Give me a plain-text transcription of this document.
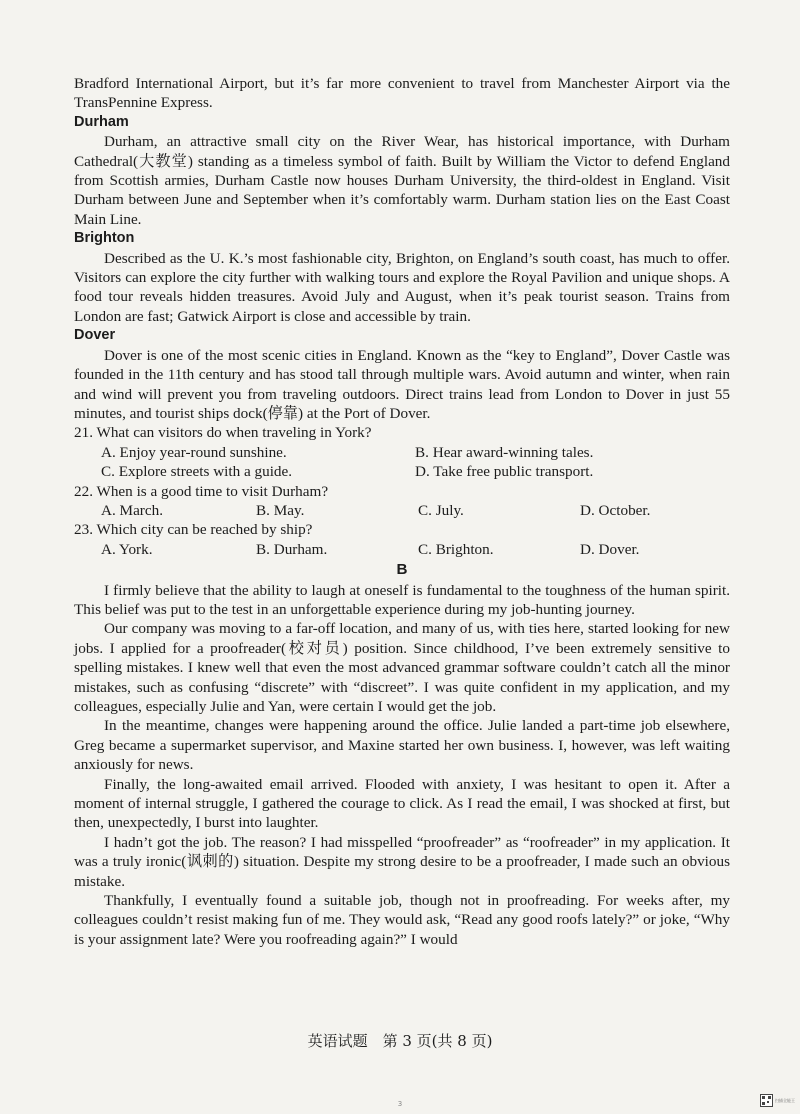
Bradford International Airport, but it’s far more convenient to travel from Manchester Airport via the TransPennine Express.

Durham

Durham, an attractive small city on the River Wear, has historical importance, with Durham Cathedral(大教堂) standing as a timeless symbol of faith. Built by William the Victor to defend England from Scottish armies, Durham Castle now houses Durham University, the third-oldest in England. Visit Durham between June and September when it’s comfortably warm. Durham station lies on the East Coast Main Line.

Brighton

Described as the U. K.’s most fashionable city, Brighton, on England’s south coast, has much to offer. Visitors can explore the city further with walking tours and explore the Royal Pavilion and unique shops. A food tour reveals hidden treasures. Avoid July and August, when it’s peak tourist season. Trains from London are fast; Gatwick Airport is close and accessible by train.

Dover

Dover is one of the most scenic cities in England. Known as the “key to England”, Dover Castle was founded in the 11th century and has stood tall through multiple wars. Avoid autumn and winter, when rain and wind will prevent you from traveling outdoors. Direct trains lead from London to Dover in just 55 minutes, and tourist ships dock(停靠) at the Port of Dover.

21. What can visitors do when traveling in York?
A. Enjoy year-round sunshine.	B. Hear award-winning tales.
C. Explore streets with a guide.	D. Take free public transport.
22. When is a good time to visit Durham?
A. March.	B. May.	C. July.	D. October.
23. Which city can be reached by ship?
A. York.	B. Durham.	C. Brighton.	D. Dover.
B

I firmly believe that the ability to laugh at oneself is fundamental to the toughness of the human spirit. This belief was put to the test in an unforgettable experience during my job-hunting journey.

Our company was moving to a far-off location, and many of us, with ties here, started looking for new jobs. I applied for a proofreader(校对员) position. Since childhood, I’ve been extremely sensitive to spelling mistakes. I knew well that even the most advanced grammar software couldn’t catch all the minor mistakes, such as confusing “discrete” with “discreet”. I was quite confident in my application, and my colleagues, especially Julie and Yan, were certain I would get the job.

In the meantime, changes were happening around the office. Julie landed a part-time job elsewhere, Greg became a supermarket supervisor, and Maxine started her own business. I, however, was left waiting anxiously for news.

Finally, the long-awaited email arrived. Flooded with anxiety, I was hesitant to open it. After a moment of internal struggle, I gathered the courage to click. As I read the email, I was shocked at first, but then, unexpectedly, I burst into laughter.

I hadn’t got the job. The reason? I had misspelled “proofreader” as “roofreader” in my application. It was a truly ironic(讽刺的) situation. Despite my strong desire to be a proofreader, I made such an obvious mistake.

Thankfully, I eventually found a suitable job, though not in proofreading. For weeks after, my colleagues couldn’t resist making fun of me. They would ask, “Read any good roofs lately?” or joke, “Why is your assignment late? Were you roofreading again?” I would

英语试题　第 3 页(共 8 页)
3	扫描全能王
